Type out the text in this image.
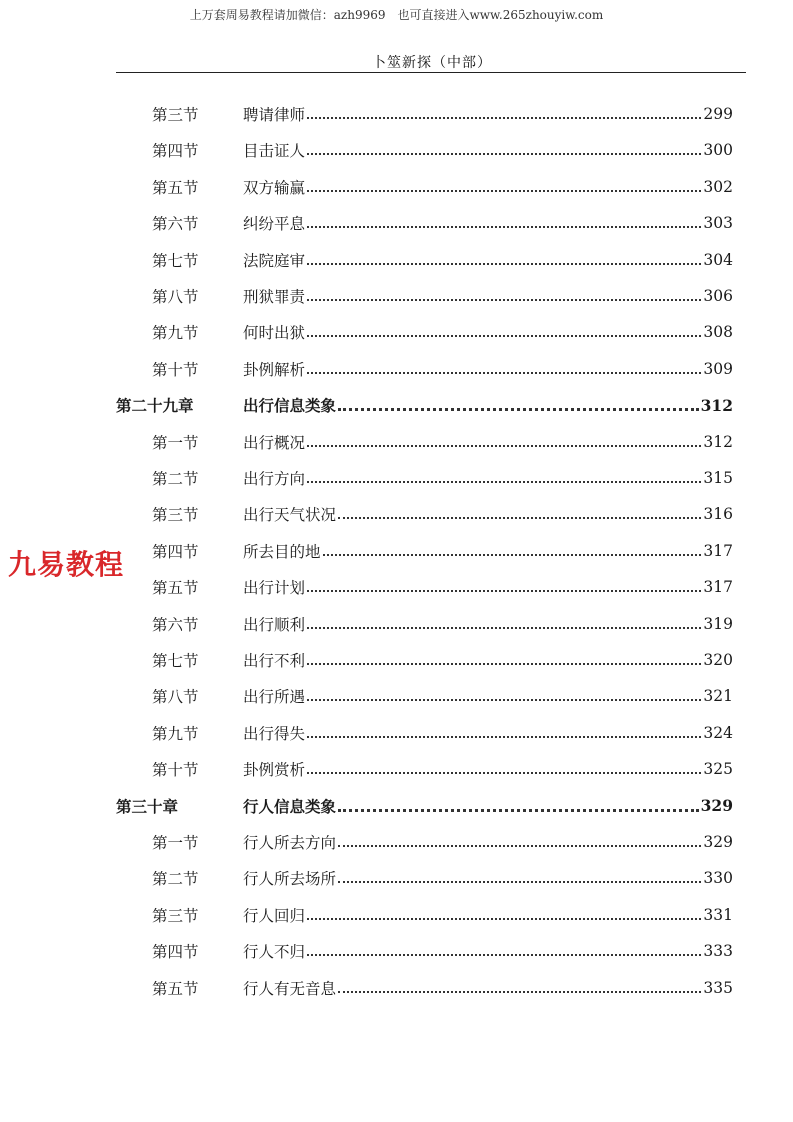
上万套周易教程请加微信：azh9969　也可直接进入www.265zhouyiw.com
卜筮新探（中部）
第三节	聘请律师	299
第四节	目击证人	300
第五节	双方输赢	302
第六节	纠纷平息	303
第七节	法院庭审	304
第八节	刑狱罪责	306
第九节	何时出狱	308
第十节	卦例解析	309
第二十九章	出行信息类象	312
第一节	出行概况	312
第二节	出行方向	315
第三节	出行天气状况	316
第四节	所去目的地	317
第五节	出行计划	317
第六节	出行顺利	319
第七节	出行不利	320
第八节	出行所遇	321
第九节	出行得失	324
第十节	卦例赏析	325
第三十章	行人信息类象	329
第一节	行人所去方向	329
第二节	行人所去场所	330
第三节	行人回归	331
第四节	行人不归	333
第五节	行人有无音息	335
九易教程
